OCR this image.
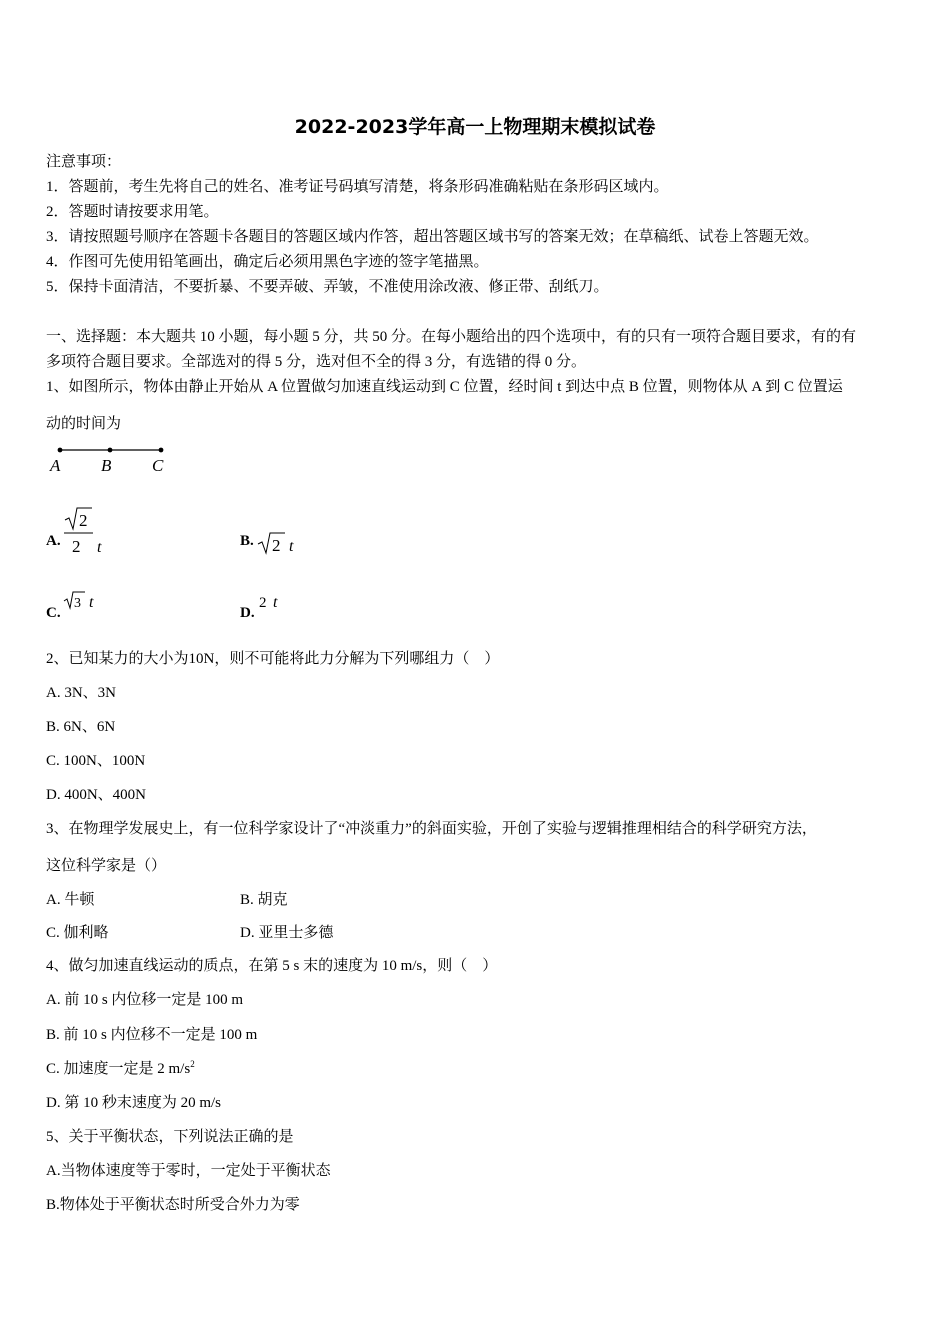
2022-2023学年高一上物理期末模拟试卷
注意事项：
1．答题前，考生先将自己的姓名、准考证号码填写清楚，将条形码准确粘贴在条形码区域内。
2．答题时请按要求用笔。
3．请按照题号顺序在答题卡各题目的答题区域内作答，超出答题区域书写的答案无效；在草稿纸、试卷上答题无效。
4．作图可先使用铅笔画出，确定后必须用黑色字迹的签字笔描黑。
5．保持卡面清洁，不要折暴、不要弄破、弄皱，不准使用涂改液、修正带、刮纸刀。
一、选择题：本大题共 10 小题，每小题 5 分，共 50 分。在每小题给出的四个选项中，有的只有一项符合题目要求，有的有
多项符合题目要求。全部选对的得 5 分，选对但不全的得 3 分，有选错的得 0 分。
1、如图所示，物体由静止开始从 A 位置做匀加速直线运动到 C 位置，经时间 t 到达中点 B 位置，则物体从 A 到 C 位置运
动的时间为
A B C
A.
2
2 t	B. 2 t
C.
3 t
D.
2 t
2、已知某力的大小为10N，则不可能将此力分解为下列哪组力（　）
A. 3N、3N
B. 6N、6N
C. 100N、100N
D. 400N、400N
3、在物理学发展史上，有一位科学家设计了“冲淡重力”的斜面实验，开创了实验与逻辑推理相结合的科学研究方法，
这位科学家是（）
A. 牛顿	B. 胡克
C. 伽利略	D. 亚里士多德
4、做匀加速直线运动的质点，在第 5 s 末的速度为 10 m/s，则（　）
A. 前 10 s 内位移一定是 100 m
B. 前 10 s 内位移不一定是 100 m
C. 加速度一定是 2 $m/s^2$
D. 第 10 秒末速度为 20 m/s
5、关于平衡状态，下列说法正确的是
A.当物体速度等于零时，一定处于平衡状态
B.物体处于平衡状态时所受合外力为零
